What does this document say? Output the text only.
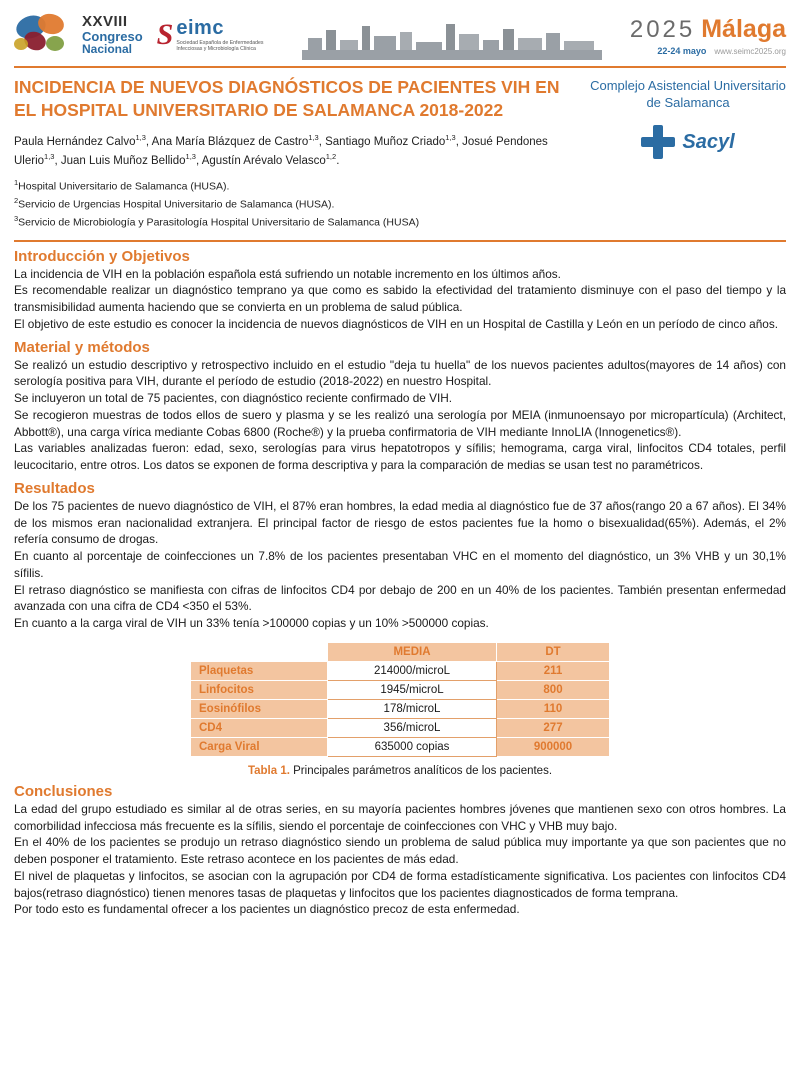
XXVIII
Congreso
Nacional S eimc
Sociedad Española de Enfermedades Infecciosas y Microbiología Clínica
2025 Málaga
22-24 mayo www.seimc2025.org
INCIDENCIA DE NUEVOS DIAGNÓSTICOS DE PACIENTES VIH EN EL HOSPITAL UNIVERSITARIO DE SALAMANCA 2018-2022
Paula Hernández Calvo$^{1,3}$, Ana María Blázquez de Castro$^{1,3}$, Santiago Muñoz Criado$^{1,3}$, Josué Pendones Ulerio$^{1,3}$, Juan Luis Muñoz Bellido$^{1,3}$, Agustín Arévalo Velasco$^{1,2}$.
$^1$Hospital Universitario de Salamanca (HUSA).
$^2$Servicio de Urgencias Hospital Universitario de Salamanca (HUSA).
$^3$Servicio de Microbiología y Parasitología Hospital Universitario de Salamanca (HUSA)
Complejo Asistencial Universitario de Salamanca
Sacyl
Introducción y Objetivos

La incidencia de VIH en la población española está sufriendo un notable incremento en los últimos años.

Es recomendable realizar un diagnóstico temprano ya que como es sabido la efectividad del tratamiento disminuye con el paso del tiempo y la transmisibilidad aumenta haciendo que se convierta en un problema de salud pública.

El objetivo de este estudio es conocer la incidencia de nuevos diagnósticos de VIH en un Hospital de Castilla y León en un período de cinco años.

Material y métodos

Se realizó un estudio descriptivo y retrospectivo incluido en el estudio "deja tu huella" de los nuevos pacientes adultos(mayores de 14 años) con serología positiva para VIH, durante el período de estudio (2018-2022) en nuestro Hospital.

Se incluyeron un total de 75 pacientes, con diagnóstico reciente confirmado de VIH.

Se recogieron muestras de todos ellos de suero y plasma y se les realizó una serología por MEIA (inmunoensayo por micropartícula) (Architect, Abbott®), una carga vírica mediante Cobas 6800 (Roche®) y la prueba confirmatoria de VIH mediante InnoLIA (Innogenetics®).

Las variables analizadas fueron: edad, sexo, serologías para virus hepatotropos y sífilis; hemograma, carga viral, linfocitos CD4 totales, perfil leucocitario, entre otros. Los datos se exponen de forma descriptiva y para la comparación de medias se usan test no paramétricos.

Resultados

De los 75 pacientes de nuevo diagnóstico de VIH, el 87% eran hombres, la edad media al diagnóstico fue de 37 años(rango 20 a 67 años). El 34% de los mismos eran nacionalidad extranjera. El principal factor de riesgo de estos pacientes fue la homo o bisexualidad(65%). Además, el 2% refería consumo de drogas.

En cuanto al porcentaje de coinfecciones un 7.8% de los pacientes presentaban VHC en el momento del diagnóstico, un 3% VHB y un 30,1% sífilis.

El retraso diagnóstico se manifiesta con cifras de linfocitos CD4 por debajo de 200 en un 40% de los pacientes. También presentan enfermedad avanzada con una cifra de CD4 <350 el 53%.

En cuanto a la carga viral de VIH un 33% tenía >100000 copias y un 10% >500000 copias.

	MEDIA	DT
Plaquetas	214000/microL	211
Linfocitos	1945/microL	800
Eosinófilos	178/microL	110
CD4	356/microL	277
Carga Viral	635000 copias	900000
Tabla 1. Principales parámetros analíticos de los pacientes.
Conclusiones

La edad del grupo estudiado es similar al de otras series, en su mayoría pacientes hombres jóvenes que mantienen sexo con otros hombres. La comorbilidad infecciosa más frecuente es la sífilis, siendo el porcentaje de coinfecciones con VHC y VHB muy bajo.

En el 40% de los pacientes se produjo un retraso diagnóstico siendo un problema de salud pública muy importante ya que son pacientes que no deben posponer el tratamiento. Este retraso acontece en los pacientes de más edad.

El nivel de plaquetas y linfocitos, se asocian con la agrupación por CD4 de forma estadísticamente significativa. Los pacientes con linfocitos CD4 bajos(retraso diagnóstico) tienen menores tasas de plaquetas y linfocitos que los pacientes diagnosticados de forma temprana.

Por todo esto es fundamental ofrecer a los pacientes un diagnóstico precoz de esta enfermedad.
